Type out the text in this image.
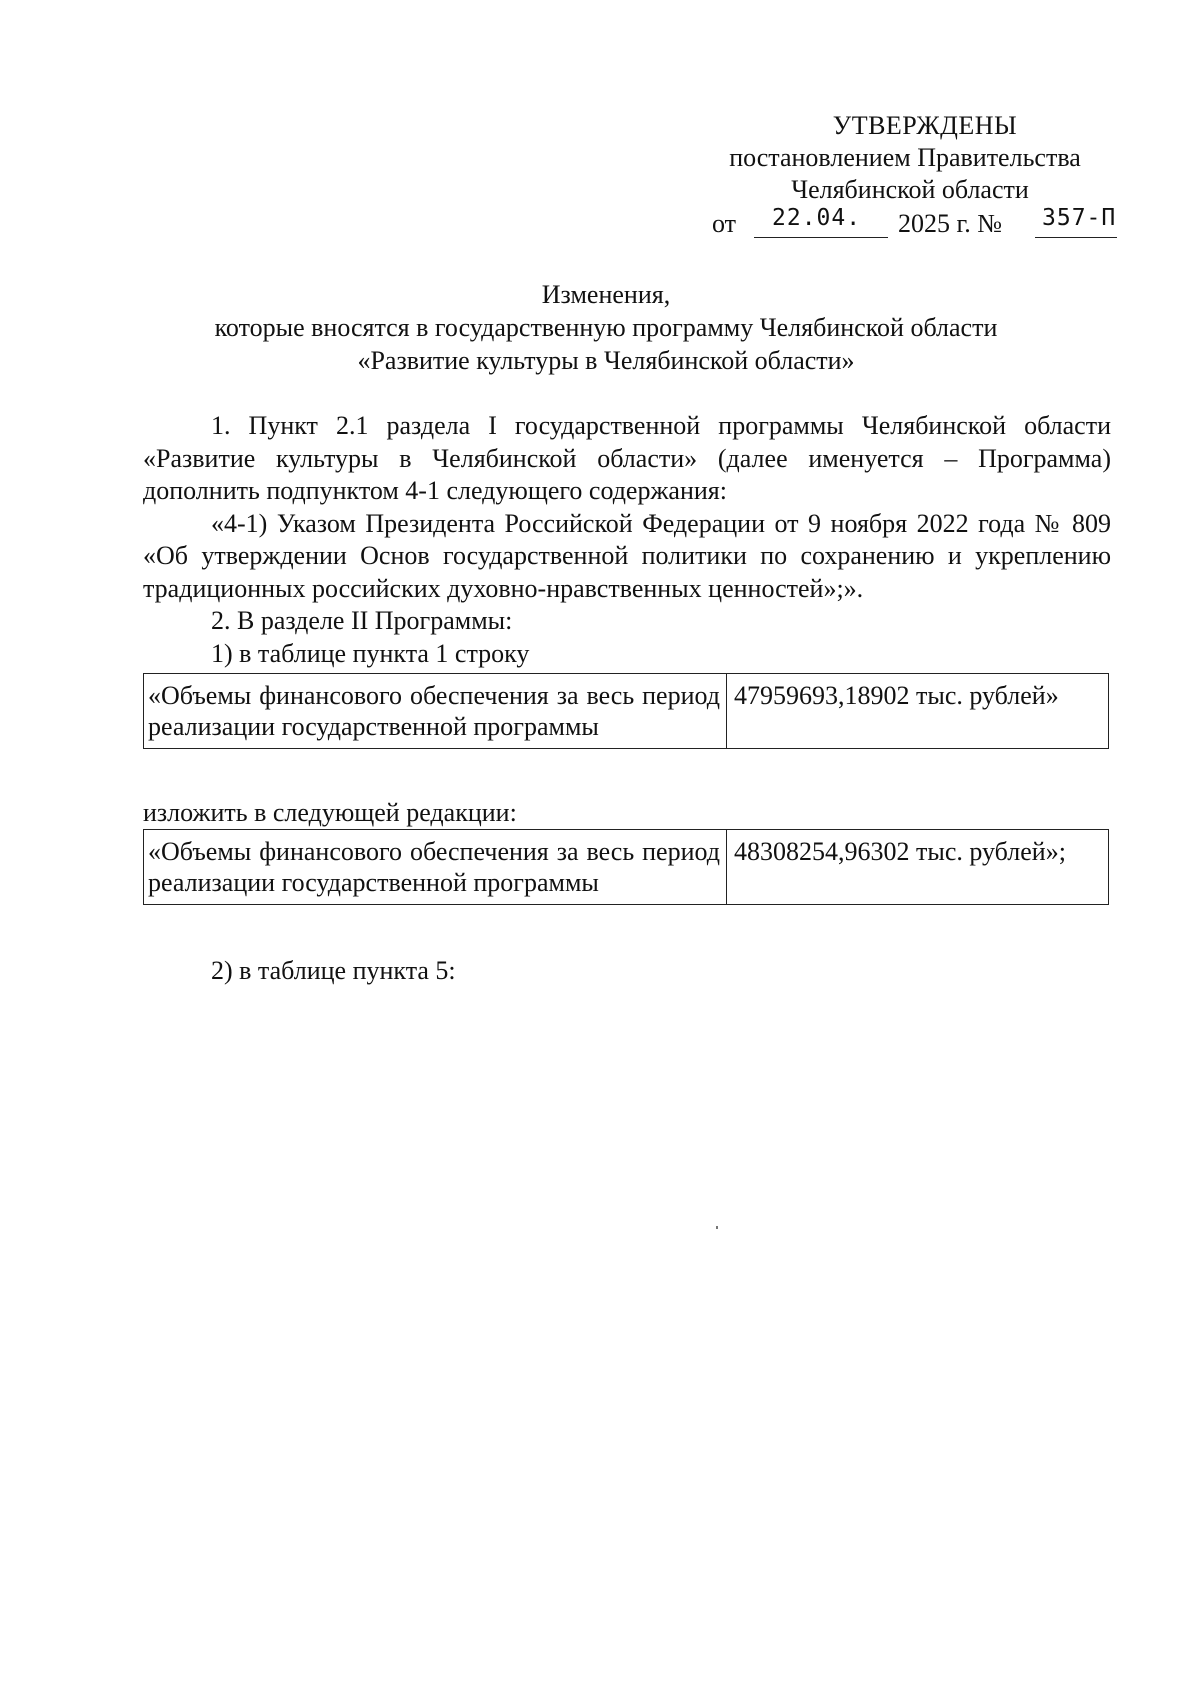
УТВЕРЖДЕНЫ
постановлением Правительства
Челябинской области
от 22.04. 2025 г. № 357-П
Изменения,
которые вносятся в государственную программу Челябинской области
«Развитие культуры в Челябинской области»

1. Пункт 2.1 раздела I государственной программы Челябинской области «Развитие культуры в Челябинской области» (далее именуется – Программа) дополнить подпунктом 4-1 следующего содержания:

«4-1) Указом Президента Российской Федерации от 9 ноября 2022 года № 809 «Об утверждении Основ государственной политики по сохранению и укреплению традиционных российских духовно-нравственных ценностей»;».

2. В разделе II Программы:

1) в таблице пункта 1 строку

«Объемы финансового обеспечения за весь период реализации государственной программы	47959693,18902 тыс. рублей»
изложить в следующей редакции:
«Объемы финансового обеспечения за весь период реализации государственной программы	48308254,96302 тыс. рублей»;
2) в таблице пункта 5:
